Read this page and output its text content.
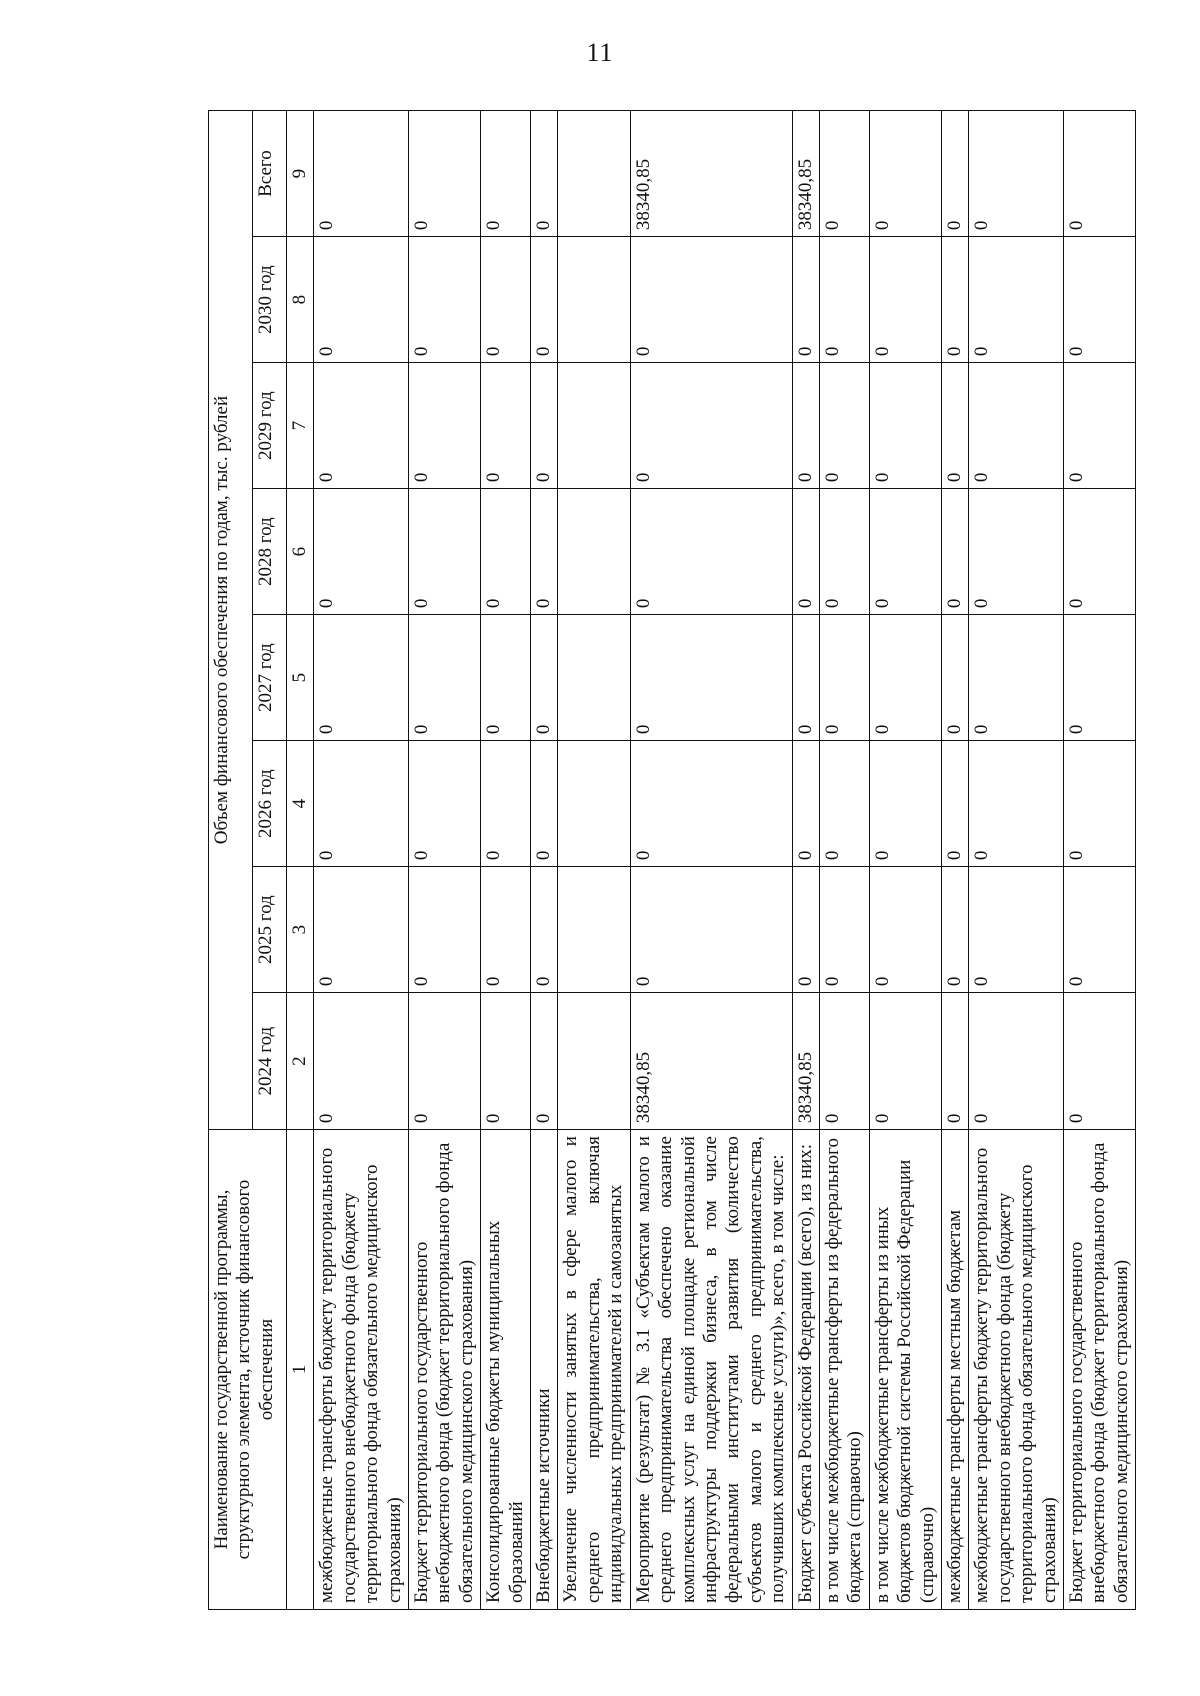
11
Наименование государственной программы, структурного элемента, источник финансового обеспечения	Объем финансового обеспечения по годам, тыс. рублей							
	2024 год	2025 год	2026 год	2027 год	2028 год	2029 год	2030 год	Всего
1	2	3	4	5	6	7	8	9
межбюджетные трансферты бюджету территориального государственного внебюджетного фонда (бюджету территориального фонда обязательного медицинского страхования)	0	0	0	0	0	0	0	0
Бюджет территориального государственного внебюджетного фонда (бюджет территориального фонда обязательного медицинского страхования)	0	0	0	0	0	0	0	0
Консолидированные бюджеты муниципальных образований	0	0	0	0	0	0	0	0
Внебюджетные источники	0	0	0	0	0	0	0	0
Увеличение численности занятых в сфере малого и среднего предпринимательства, включая индивидуальных предпринимателей и самозанятых								
Мероприятие (результат) № 3.1 «Субъектам малого и среднего предпринимательства обеспечено оказание комплексных услуг на единой площадке региональной инфраструктуры поддержки бизнеса, в том числе федеральными институтами развития (количество субъектов малого и среднего предпринимательства, получивших комплексные услуги)», всего, в том числе:	38340,85	0	0	0	0	0	0	38340,85
Бюджет субъекта Российской Федерации (всего), из них:	38340,85	0	0	0	0	0	0	38340,85
в том числе межбюджетные трансферты из федерального бюджета (справочно)	0	0	0	0	0	0	0	0
в том числе межбюджетные трансферты из иных бюджетов бюджетной системы Российской Федерации (справочно)	0	0	0	0	0	0	0	0
межбюджетные трансферты местным бюджетам	0	0	0	0	0	0	0	0
межбюджетные трансферты бюджету территориального государственного внебюджетного фонда (бюджету территориального фонда обязательного медицинского страхования)	0	0	0	0	0	0	0	0
Бюджет территориального государственного внебюджетного фонда (бюджет территориального фонда обязательного медицинского страхования)	0	0	0	0	0	0	0	0
